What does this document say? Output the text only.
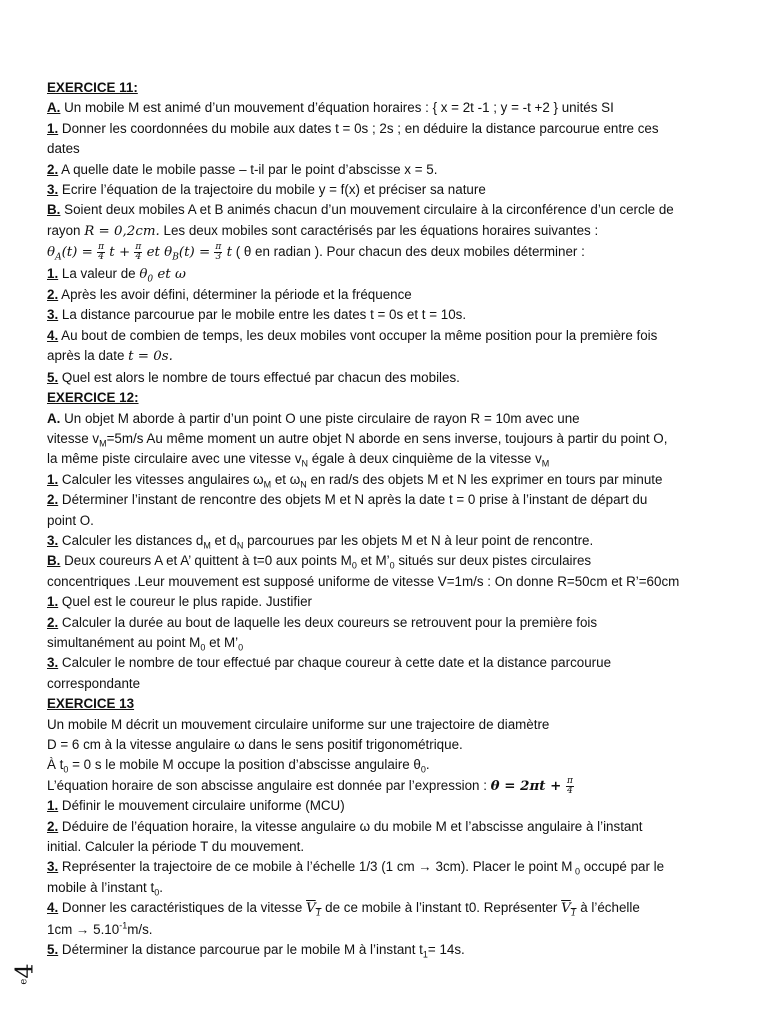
EXERCICE 11:

A. Un mobile M est animé d’un mouvement d’équation horaires : { x = 2t -1 ; y = -t +2 } unités SI

1. Donner les coordonnées du mobile aux dates t = 0s ; 2s ; en déduire la distance parcourue entre ces

dates

2. A quelle date le mobile passe – t-il par le point d’abscisse x = 5.

3. Ecrire l’équation de la trajectoire du mobile y = f(x) et préciser sa nature

B. Soient deux mobiles A et B animés chacun d’un mouvement circulaire à la circonférence d’un cercle de

rayon R = 0,2cm. Les deux mobiles sont caractérisés par les équations horaires suivantes :

$\theta_A(t) = \frac{\pi}{4}$ $t + \frac{\pi}{4}$ et $\theta_B(t) = \frac{\pi}{3}$ t ( θ en radian ). Pour chacun des deux mobiles déterminer :

1. La valeur de $\theta_0$ et ω

2. Après les avoir défini, déterminer la période et la fréquence

3. La distance parcourue par le mobile entre les dates t = 0s et t = 10s.

4. Au bout de combien de temps, les deux mobiles vont occuper la même position pour la première fois

après la date t = 0s.

5. Quel est alors le nombre de tours effectué par chacun des mobiles.

EXERCICE 12:

A. Un objet M aborde à partir d’un point O une piste circulaire de rayon R = 10m avec une

vitesse $v_M=5m/s$ Au même moment un autre objet N aborde en sens inverse, toujours à partir du point O,

la même piste circulaire avec une vitesse $v_N$ égale à deux cinquième de la vitesse $v_M$

1. Calculer les vitesses angulaires $\omega_M$ et $\omega_N$ en rad/s des objets M et N les exprimer en tours par minute

2. Déterminer l’instant de rencontre des objets M et N après la date t = 0 prise à l’instant de départ du

point O.

3. Calculer les distances $d_M$ et $d_N$ parcourues par les objets M et N à leur point de rencontre.

B. Deux coureurs A et A’ quittent à t=0 aux points $M_0$ et $M’_0$ situés sur deux pistes circulaires

concentriques .Leur mouvement est supposé uniforme de vitesse V=1m/s : On donne R=50cm et R’=60cm

1. Quel est le coureur le plus rapide. Justifier

2. Calculer la durée au bout de laquelle les deux coureurs se retrouvent pour la première fois

simultanément au point $M_0$ et $M’_0$

3. Calculer le nombre de tour effectué par chaque coureur à cette date et la distance parcourue

correspondante

EXERCICE 13

Un mobile M décrit un mouvement circulaire uniforme sur une trajectoire de diamètre

D = 6 cm à la vitesse angulaire ω dans le sens positif trigonométrique.

À $t_0 = 0$ s le mobile M occupe la position d’abscisse angulaire $\theta_0$.

L’équation horaire de son abscisse angulaire est donnée par l’expression : $\theta = 2\pi t + \frac{\pi}{4}$

1. Définir le mouvement circulaire uniforme (MCU)

2. Déduire de l’équation horaire, la vitesse angulaire ω du mobile M et l’abscisse angulaire à l’instant

initial. Calculer la période T du mouvement.

3. Représenter la trajectoire de ce mobile à l’échelle 1/3 (1 cm → 3cm). Placer le point M $_0$ occupé par le

mobile à l’instant $t_0$.

4. Donner les caractéristiques de la vitesse $V_1$ de ce mobile à l’instant t0. Représenter $V_1$ à l’échelle

$1cm \to 5.10^{-1}m/s$.

5. Déterminer la distance parcourue par le mobile M à l’instant $t_1= 14s$.

$^e$4
